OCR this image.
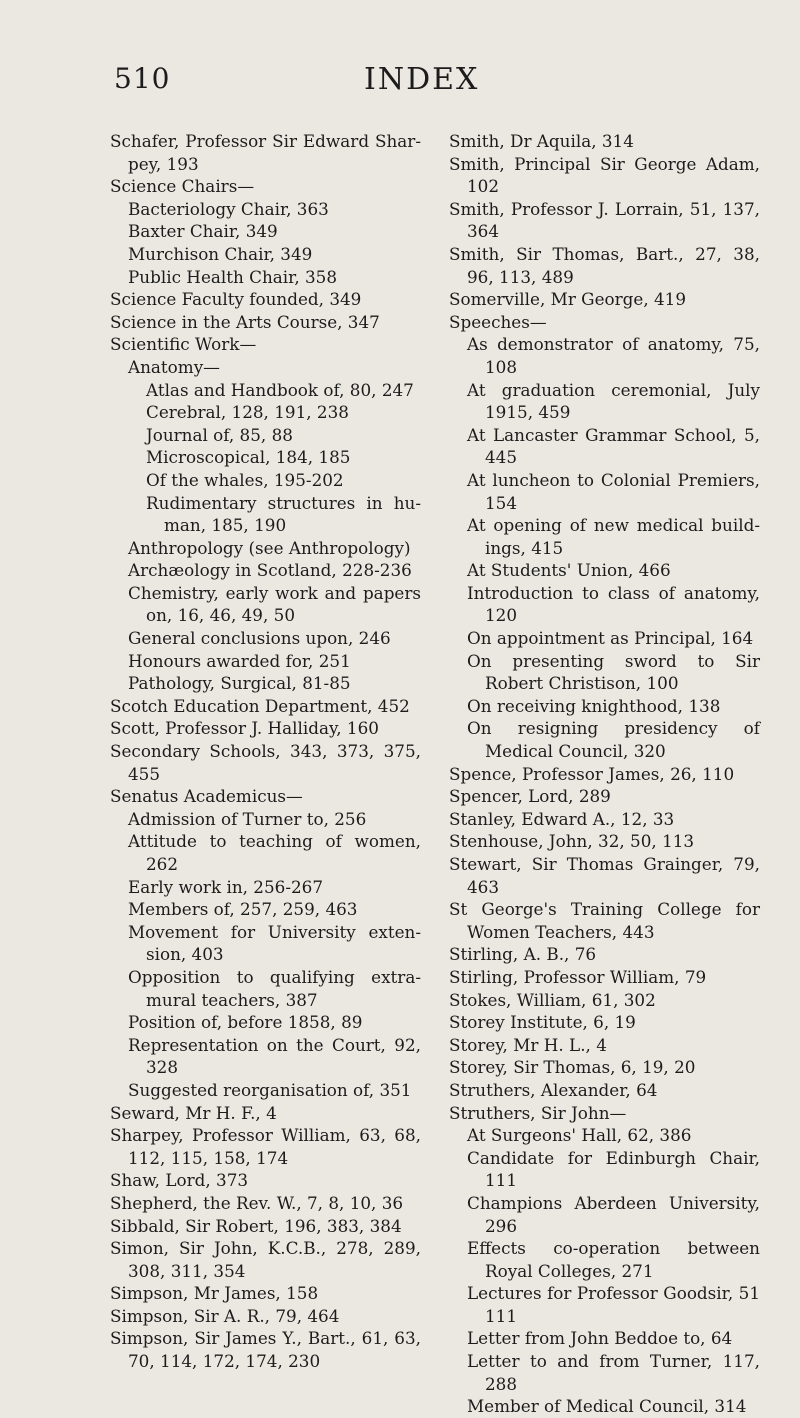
510	INDEX
Schafer, Professor Sir Edward Shar-pey, 193
Science Chairs—
Bacteriology Chair, 363
Baxter Chair, 349
Murchison Chair, 349
Public Health Chair, 358
Science Faculty founded, 349
Science in the Arts Course, 347
Scientific Work—
Anatomy—
Atlas and Handbook of, 80, 247
Cerebral, 128, 191, 238
Journal of, 85, 88
Microscopical, 184, 185
Of the whales, 195-202
Rudimentary structures in hu-man, 185, 190
Anthropology (see Anthropology)
Archæology in Scotland, 228-236
Chemistry, early work and papers on, 16, 46, 49, 50
General conclusions upon, 246
Honours awarded for, 251
Pathology, Surgical, 81-85
Scotch Education Department, 452
Scott, Professor J. Halliday, 160
Secondary Schools, 343, 373, 375, 455
Senatus Academicus—
Admission of Turner to, 256
Attitude to teaching of women, 262
Early work in, 256-267
Members of, 257, 259, 463
Movement for University exten-sion, 403
Opposition to qualifying extra-mural teachers, 387
Position of, before 1858, 89
Representation on the Court, 92, 328
Suggested reorganisation of, 351
Seward, Mr H. F., 4
Sharpey, Professor William, 63, 68, 112, 115, 158, 174
Shaw, Lord, 373
Shepherd, the Rev. W., 7, 8, 10, 36
Sibbald, Sir Robert, 196, 383, 384
Simon, Sir John, K.C.B., 278, 289, 308, 311, 354
Simpson, Mr James, 158
Simpson, Sir A. R., 79, 464
Simpson, Sir James Y., Bart., 61, 63, 70, 114, 172, 174, 230
Smith, Dr Aquila, 314
Smith, Principal Sir George Adam, 102
Smith, Professor J. Lorrain, 51, 137, 364
Smith, Sir Thomas, Bart., 27, 38, 96, 113, 489
Somerville, Mr George, 419
Speeches—
As demonstrator of anatomy, 75, 108
At graduation ceremonial, July 1915, 459
At Lancaster Grammar School, 5, 445
At luncheon to Colonial Premiers, 154
At opening of new medical build-ings, 415
At Students' Union, 466
Introduction to class of anatomy, 120
On appointment as Principal, 164
On presenting sword to Sir Robert Christison, 100
On receiving knighthood, 138
On resigning presidency of Medical Council, 320
Spence, Professor James, 26, 110
Spencer, Lord, 289
Stanley, Edward A., 12, 33
Stenhouse, John, 32, 50, 113
Stewart, Sir Thomas Grainger, 79, 463
St George's Training College for Women Teachers, 443
Stirling, A. B., 76
Stirling, Professor William, 79
Stokes, William, 61, 302
Storey Institute, 6, 19
Storey, Mr H. L., 4
Storey, Sir Thomas, 6, 19, 20
Struthers, Alexander, 64
Struthers, Sir John—
At Surgeons' Hall, 62, 386
Candidate for Edinburgh Chair, 111
Champions Aberdeen University, 296
Effects co-operation between Royal Colleges, 271
Lectures for Professor Goodsir, 51 111
Letter from John Beddoe to, 64
Letter to and from Turner, 117, 288
Member of Medical Council, 314
